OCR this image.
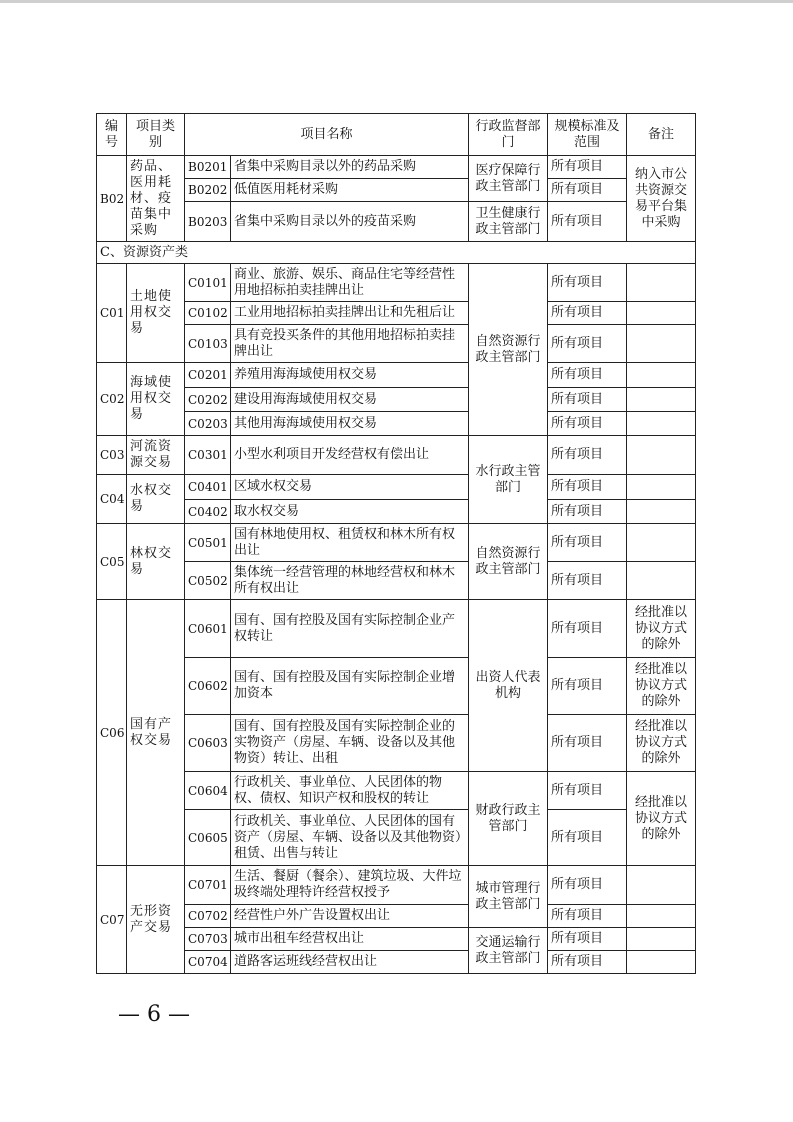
编号	项目类别	项目名称		行政监督部门	规模标准及范围	备注
B02	药品、医用耗材、疫苗集中采购	B0201	省集中采购目录以外的药品采购	医疗保障行政主管部门	所有项目	纳入市公共资源交易平台集中采购
		B0202	低值医用耗材采购		所有项目	
		B0203	省集中采购目录以外的疫苗采购	卫生健康行政主管部门	所有项目	
C、资源资产类						
C01	土地使用权交易	C0101	商业、旅游、娱乐、商品住宅等经营性用地招标拍卖挂牌出让	自然资源行政主管部门	所有项目	
		C0102	工业用地招标拍卖挂牌出让和先租后让		所有项目	
		C0103	具有竞投买条件的其他用地招标拍卖挂牌出让		所有项目	
C02	海域使用权交易	C0201	养殖用海海域使用权交易		所有项目	
		C0202	建设用海海域使用权交易		所有项目	
		C0203	其他用海海域使用权交易		所有项目	
C03	河流资源交易	C0301	小型水利项目开发经营权有偿出让	水行政主管部门	所有项目	
C04	水权交易	C0401	区域水权交易		所有项目	
		C0402	取水权交易		所有项目	
C05	林权交易	C0501	国有林地使用权、租赁权和林木所有权出让	自然资源行政主管部门	所有项目	
		C0502	集体统一经营管理的林地经营权和林木所有权出让		所有项目	
C06	国有产权交易	C0601	国有、国有控股及国有实际控制企业产权转让	出资人代表机构	所有项目	经批准以协议方式的除外
		C0602	国有、国有控股及国有实际控制企业增加资本		所有项目	经批准以协议方式的除外
		C0603	国有、国有控股及国有实际控制企业的实物资产（房屋、车辆、设备以及其他物资）转让、出租		所有项目	经批准以协议方式的除外
		C0604	行政机关、事业单位、人民团体的物权、债权、知识产权和股权的转让	财政行政主管部门	所有项目	经批准以协议方式的除外
		C0605	行政机关、事业单位、人民团体的国有资产（房屋、车辆、设备以及其他物资）租赁、出售与转让		所有项目	
C07	无形资产交易	C0701	生活、餐厨（餐余）、建筑垃圾、大件垃圾终端处理特许经营权授予	城市管理行政主管部门	所有项目	
		C0702	经营性户外广告设置权出让		所有项目	
		C0703	城市出租车经营权出让	交通运输行政主管部门	所有项目	
		C0704	道路客运班线经营权出让		所有项目	
— 6 —
